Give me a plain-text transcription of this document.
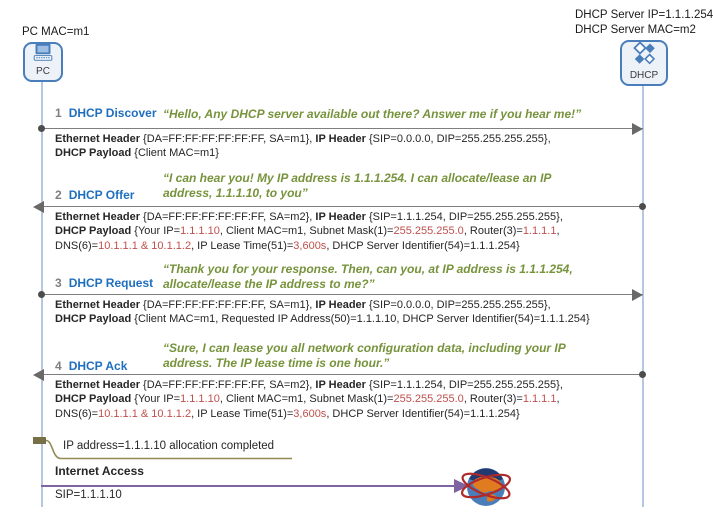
PC MAC=m1
PC
DHCP Server IP=1.1.1.254
DHCP Server MAC=m2
DHCP
1 DHCP Discover “Hello, Any DHCP server available out there? Answer me if you hear me!”
Ethernet Header {DA=FF:FF:FF:FF:FF:FF, SA=m1}, IP Header {SIP=0.0.0.0, DIP=255.255.255.255},
DHCP Payload {Client MAC=m1}
“I can hear you! My IP address is 1.1.1.254. I can allocate/lease an IP
address, 1.1.1.10, to you”
2 DHCP Offer
Ethernet Header {DA=FF:FF:FF:FF:FF:FF, SA=m2}, IP Header {SIP=1.1.1.254, DIP=255.255.255.255},
DHCP Payload {Your IP=1.1.1.10, Client MAC=m1, Subnet Mask(1)=255.255.255.0, Router(3)=1.1.1.1,
DNS(6)=10.1.1.1 & 10.1.1.2, IP Lease Time(51)=3,600s, DHCP Server Identifier(54)=1.1.1.254}
“Thank you for your response. Then, can you, at IP address is 1.1.1.254,
allocate/lease the IP address to me?”
3 DHCP Request
Ethernet Header {DA=FF:FF:FF:FF:FF:FF, SA=m1}, IP Header {SIP=0.0.0.0, DIP=255.255.255.255},
DHCP Payload {Client MAC=m1, Requested IP Address(50)=1.1.1.10, DHCP Server Identifier(54)=1.1.1.254}
“Sure, I can lease you all network configuration data, including your IP
address. The IP lease time is one hour.”
4 DHCP Ack
Ethernet Header {DA=FF:FF:FF:FF:FF:FF, SA=m2}, IP Header {SIP=1.1.1.254, DIP=255.255.255.255},
DHCP Payload {Your IP=1.1.1.10, Client MAC=m1, Subnet Mask(1)=255.255.255.0, Router(3)=1.1.1.1,
DNS(6)=10.1.1.1 & 10.1.1.2, IP Lease Time(51)=3,600s, DHCP Server Identifier(54)=1.1.1.254}
IP address=1.1.1.10 allocation completed
Internet Access
SIP=1.1.1.10
